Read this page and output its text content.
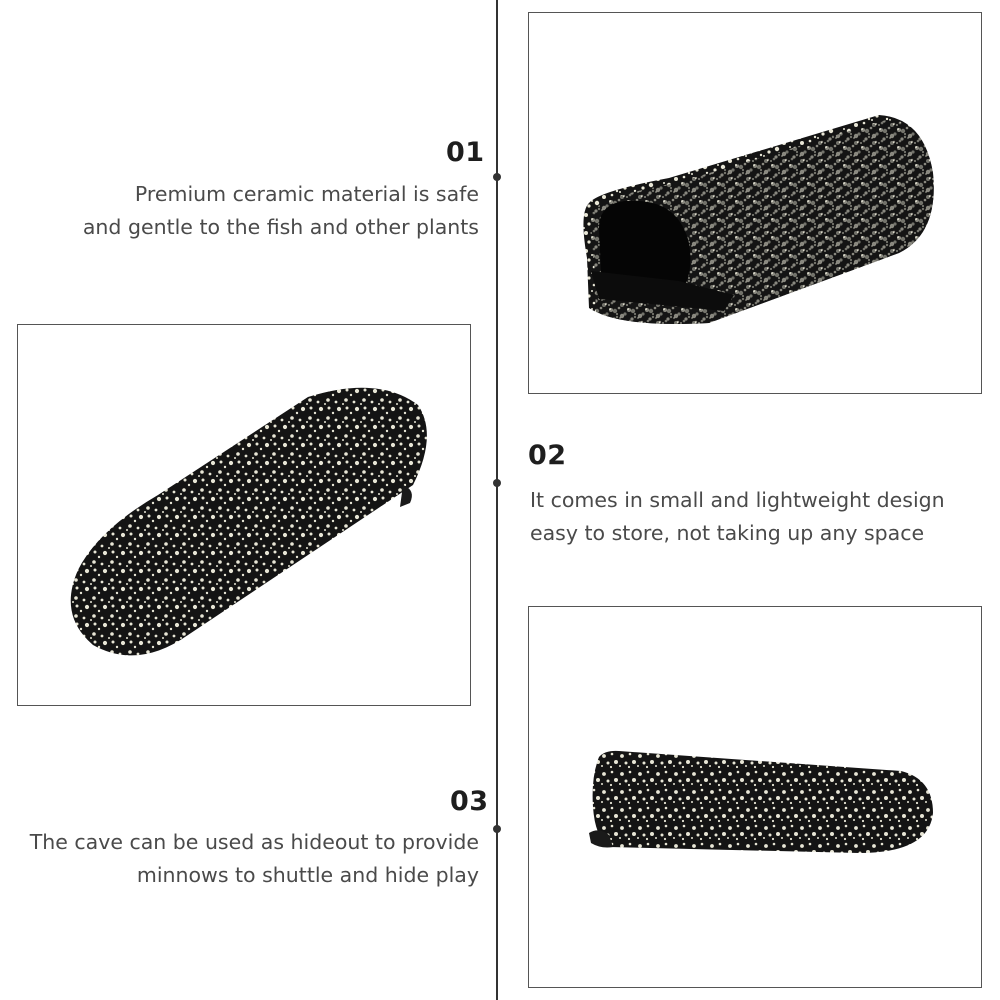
01
Premium ceramic material is safe
and gentle to the fish and other plants
02
It comes in small and lightweight design
easy to store, not taking up any space
03
The cave can be used as hideout to provide
minnows to shuttle and hide play
